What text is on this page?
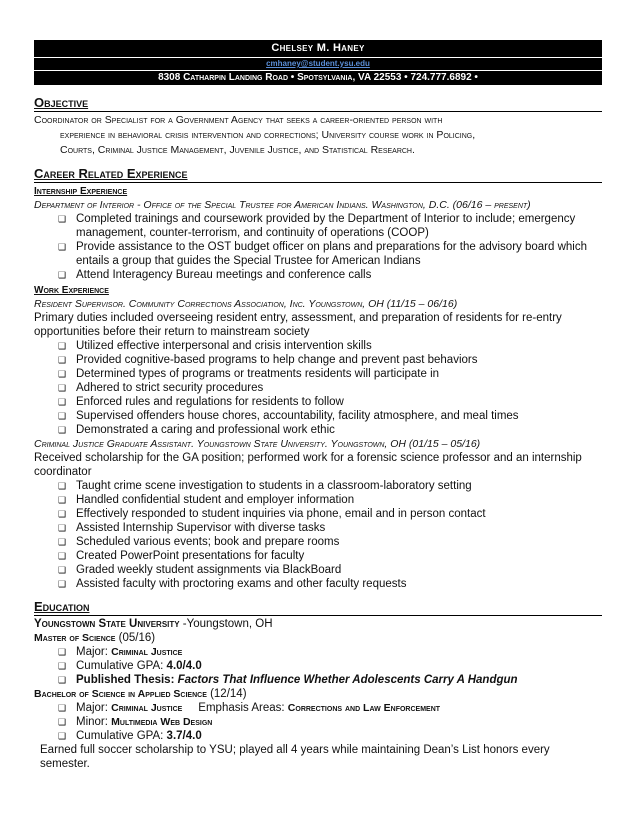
Chelsey M. Haney
cmhaney@student.ysu.edu
8308 Catharpin Landing Road • Spotsylvania, VA 22553 • 724.777.6892 •
Objective
Coordinator or Specialist for a Government Agency that seeks a career-oriented person with
experience in behavioral crisis intervention and corrections; University course work in Policing,
Courts, Criminal Justice Management, Juvenile Justice, and Statistical Research.
Career Related Experience
Internship Experience
Department of Interior - Office of the Special Trustee for American Indians. Washington, D.C. (06/16 – present)
❑ Completed trainings and coursework provided by the Department of Interior to include; emergency management, counter-terrorism, and continuity of operations (COOP)
❑ Provide assistance to the OST budget officer on plans and preparations for the advisory board which entails a group that guides the Special Trustee for American Indians
❑ Attend Interagency Bureau meetings and conference calls
Work Experience
Resident Supervisor. Community Corrections Association, Inc. Youngstown, OH (11/15 – 06/16)
Primary duties included overseeing resident entry, assessment, and preparation of residents for re-entry opportunities before their return to mainstream society
❑ Utilized effective interpersonal and crisis intervention skills
❑ Provided cognitive-based programs to help change and prevent past behaviors
❑ Determined types of programs or treatments residents will participate in
❑ Adhered to strict security procedures
❑ Enforced rules and regulations for residents to follow
❑ Supervised offenders house chores, accountability, facility atmosphere, and meal times
❑ Demonstrated a caring and professional work ethic
Criminal Justice Graduate Assistant. Youngstown State University. Youngstown, OH (01/15 – 05/16)
Received scholarship for the GA position; performed work for a forensic science professor and an internship coordinator
❑ Taught crime scene investigation to students in a classroom-laboratory setting
❑ Handled confidential student and employer information
❑ Effectively responded to student inquiries via phone, email and in person contact
❑ Assisted Internship Supervisor with diverse tasks
❑ Scheduled various events; book and prepare rooms
❑ Created PowerPoint presentations for faculty
❑ Graded weekly student assignments via BlackBoard
❑ Assisted faculty with proctoring exams and other faculty requests
Education
Youngstown State University -Youngstown, OH
Master of Science (05/16)
❑ Major: Criminal Justice
❑ Cumulative GPA: 4.0/4.0
❑ Published Thesis: Factors That Influence Whether Adolescents Carry A Handgun
Bachelor of Science in Applied Science (12/14)
❑ Major: Criminal Justice     Emphasis Areas: Corrections and Law Enforcement
❑ Minor: Multimedia Web Design
❑ Cumulative GPA: 3.7/4.0
Earned full soccer scholarship to YSU; played all 4 years while maintaining Dean’s List honors every semester.
